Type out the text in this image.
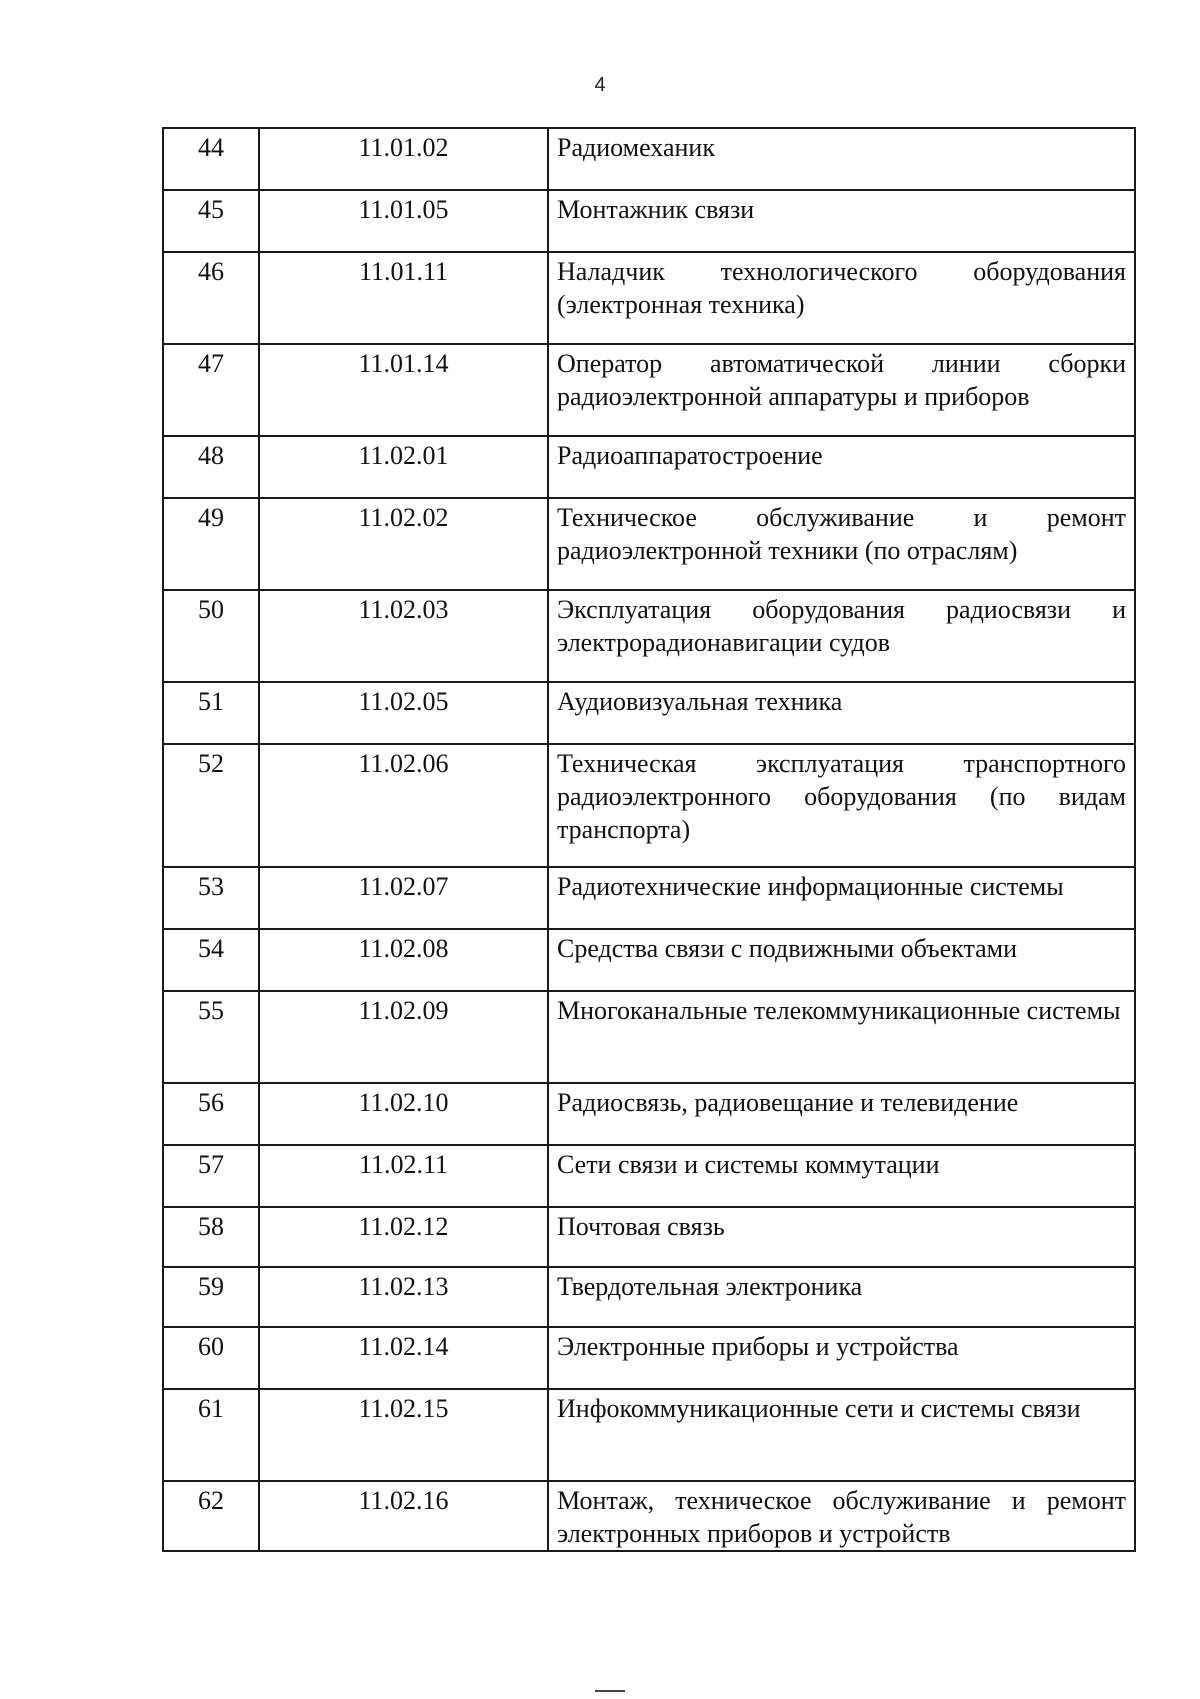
4
44	11.01.02	Радиомеханик
45	11.01.05	Монтажник связи
46	11.01.11	Наладчик технологического оборудования (электронная техника)
47	11.01.14	Оператор автоматической линии сборки радиоэлектронной аппаратуры и приборов
48	11.02.01	Радиоаппаратостроение
49	11.02.02	Техническое обслуживание и ремонт радиоэлектронной техники (по отраслям)
50	11.02.03	Эксплуатация оборудования радиосвязи и электрорадионавигации судов
51	11.02.05	Аудиовизуальная техника
52	11.02.06	Техническая эксплуатация транспортного радиоэлектронного оборудования (по видам транспорта)
53	11.02.07	Радиотехнические информационные системы
54	11.02.08	Средства связи с подвижными объектами
55	11.02.09	Многоканальные телекоммуникационные системы
56	11.02.10	Радиосвязь, радиовещание и телевидение
57	11.02.11	Сети связи и системы коммутации
58	11.02.12	Почтовая связь
59	11.02.13	Твердотельная электроника
60	11.02.14	Электронные приборы и устройства
61	11.02.15	Инфокоммуникационные сети и системы связи
62	11.02.16	Монтаж, техническое обслуживание и ремонт электронных приборов и устройств
